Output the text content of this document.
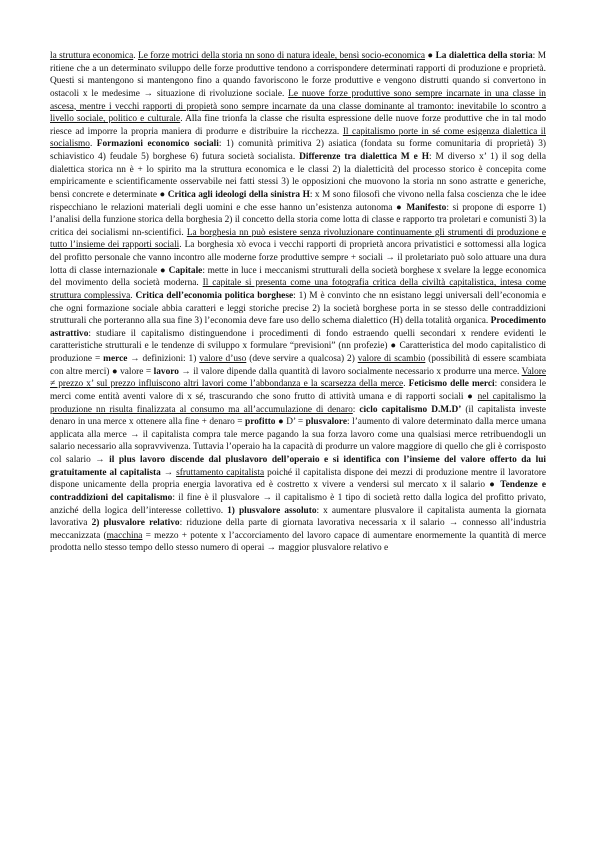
la struttura economica. Le forze motrici della storia nn sono di natura ideale, bensì socio-economica ● La dialettica della storia: M ritiene che a un determinato sviluppo delle forze produttive tendono a corrispondere determinati rapporti di produzione e proprietà. Questi si mantengono si mantengono fino a quando favoriscono le forze produttive e vengono distrutti quando si convertono in ostacoli x le medesime → situazione di rivoluzione sociale. Le nuove forze produttive sono sempre incarnate in una classe in ascesa, mentre i vecchi rapporti di propietà sono sempre incarnate da una classe dominante al tramonto: inevitabile lo scontro a livello sociale, politico e culturale. Alla fine trionfa la classe che risulta espressione delle nuove forze produttive che in tal modo riesce ad imporre la propria maniera di produrre e distribuire la ricchezza. Il capitalismo porte in sé come esigenza dialettica il socialismo. Formazioni economico sociali: 1) comunità primitiva 2) asiatica (fondata su forme comunitaria di proprietà) 3) schiavistico 4) feudale 5) borghese 6) futura società socialista. Differenze tra dialettica M e H: M diverso x’ 1) il sog della dialettica storica nn è + lo spirito ma la struttura economica e le classi 2) la dialetticità del processo storico è concepita come empiricamente e scientificamente osservabile nei fatti stessi 3) le opposizioni che muovono la storia nn sono astratte e generiche, bensì concrete e determinate ● Critica agli ideologi della sinistra H: x M sono filosofi che vivono nella falsa coscienza che le idee rispecchiano le relazioni materiali degli uomini e che esse hanno un’esistenza autonoma ● Manifesto: si propone di esporre 1) l’analisi della funzione storica della borghesia 2) il concetto della storia come lotta di classe e rapporto tra proletari e comunisti 3) la critica dei socialismi nn-scientifici. La borghesia nn può esistere senza rivoluzionare continuamente gli strumenti di produzione e tutto l’insieme dei rapporti sociali. La borghesia xò evoca i vecchi rapporti di proprietà ancora privatistici e sottomessi alla logica del profitto personale che vanno incontro alle moderne forze produttive sempre + sociali → il proletariato può solo attuare una dura lotta di classe internazionale ● Capitale: mette in luce i meccanismi strutturali della società borghese x svelare la legge economica del movimento della società moderna. Il capitale si presenta come una fotografia critica della civiltà capitalistica, intesa come struttura complessiva. Critica dell’economia politica borghese: 1) M è convinto che nn esistano leggi universali dell’economia e che ogni formazione sociale abbia caratteri e leggi storiche precise 2) la società borghese porta in se stesso delle contraddizioni strutturali che porteranno alla sua fine 3) l’economia deve fare uso dello schema dialettico (H) della totalità organica. Procedimento astrattivo: studiare il capitalismo distinguendone i procedimenti di fondo estraendo quelli secondari x rendere evidenti le caratteristiche strutturali e le tendenze di sviluppo x formulare “previsioni” (nn profezie) ● Caratteristica del modo capitalistico di produzione = merce → definizioni: 1) valore d’uso (deve servire a qualcosa) 2) valore di scambio (possibilità di essere scambiata con altre merci) ● valore = lavoro → il valore dipende dalla quantità di lavoro socialmente necessario x produrre una merce. Valore ≠ prezzo x’ sul prezzo influiscono altri lavori come l’abbondanza e la scarsezza della merce. Feticismo delle merci: considera le merci come entità aventi valore di x sé, trascurando che sono frutto di attività umana e di rapporti sociali ● nel capitalismo la produzione nn risulta finalizzata al consumo ma all’accumulazione di denaro: ciclo capitalismo D.M.D’ (il capitalista investe denaro in una merce x ottenere alla fine + denaro = profitto ● D’ = plusvalore: l’aumento di valore determinato dalla merce umana applicata alla merce → il capitalista compra tale merce pagando la sua forza lavoro come una qualsiasi merce retribuendogli un salario necessario alla sopravvivenza. Tuttavia l’operaio ha la capacità di produrre un valore maggiore di quello che gli è corrisposto col salario → il plus lavoro discende dal pluslavoro dell’operaio e si identifica con l’insieme del valore offerto da lui gratuitamente al capitalista → sfruttamento capitalista poiché il capitalista dispone dei mezzi di produzione mentre il lavoratore dispone unicamente della propria energia lavorativa ed è costretto x vivere a vendersi sul mercato x il salario ● Tendenze e contraddizioni del capitalismo: il fine è il plusvalore → il capitalismo è 1 tipo di società retto dalla logica del profitto privato, anziché della logica dell’interesse collettivo. 1) plusvalore assoluto: x aumentare plusvalore il capitalista aumenta la giornata lavorativa 2) plusvalore relativo: riduzione della parte di giornata lavorativa necessaria x il salario → connesso all’industria meccanizzata (macchina = mezzo + potente x l’accorciamento del lavoro capace di aumentare enormemente la quantità di merce prodotta nello stesso tempo dello stesso numero di operai → maggior plusvalore relativo e
